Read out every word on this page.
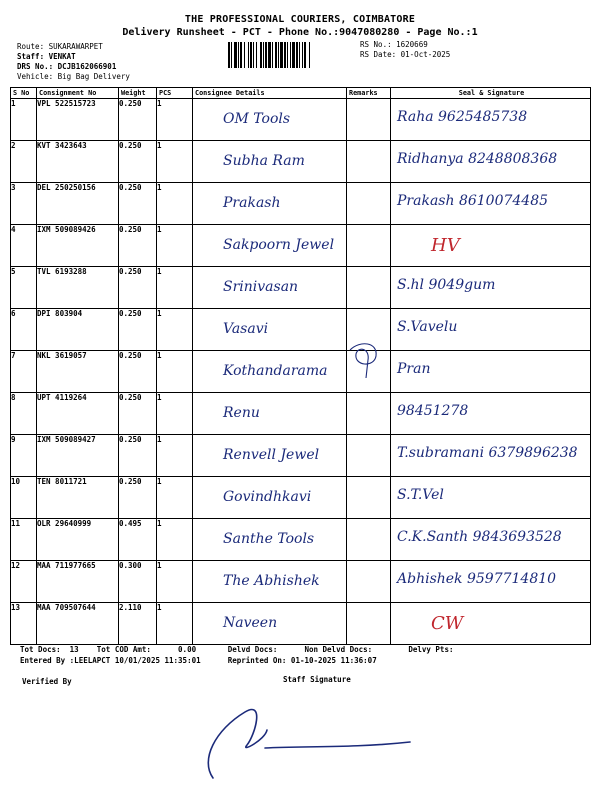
THE PROFESSIONAL COURIERS, COIMBATORE
Delivery Runsheet - PCT - Phone No.:9047080280 - Page No.:1
Route: SUKARAWARPET
Staff: VENKAT
DRS No.: DCJB162066901
Vehicle: Big Bag Delivery
RS No.: 1620669
RS Date: 01-Oct-2025
S No	Consignment No	Weight	PCS	Consignee Details	Remarks	Seal & Signature
1	VPL 522515723	0.250	1	OM Tools		Raha 9625485738

2	KVT 3423643	0.250	1	Subha Ram		Ridhanya 8248808368

3	DEL 250250156	0.250	1	Prakash		Prakash 8610074485

4	IXM 509089426	0.250	1	Sakpoorn Jewel		HV

5	TVL 6193288	0.250	1	Srinivasan		S.hl 9049gum

6	DPI 803904	0.250	1	Vasavi		S.Vavelu

7	NKL 3619057	0.250	1	Kothandarama		Pran

8	UPT 4119264	0.250	1	Renu		98451278

9	IXM 509089427	0.250	1	Renvell Jewel		T.subramani 6379896238

10	TEN 8011721	0.250	1	Govindhkavi		S.T.Vel

11	OLR 29640999	0.495	1	Santhe Tools		C.K.Santh 9843693528

12	MAA 711977665	0.300	1	The Abhishek		Abhishek 9597714810

13	MAA 709507644	2.110	1	Naveen		CW
Tot Docs:  13    Tot COD Amt:      0.00       Delvd Docs:      Non Delvd Docs:        Delvy Pts:
Entered By :LEELAPCT 10/01/2025 11:35:01      Reprinted On: 01-10-2025 11:36:07
Verified By	Staff Signature
